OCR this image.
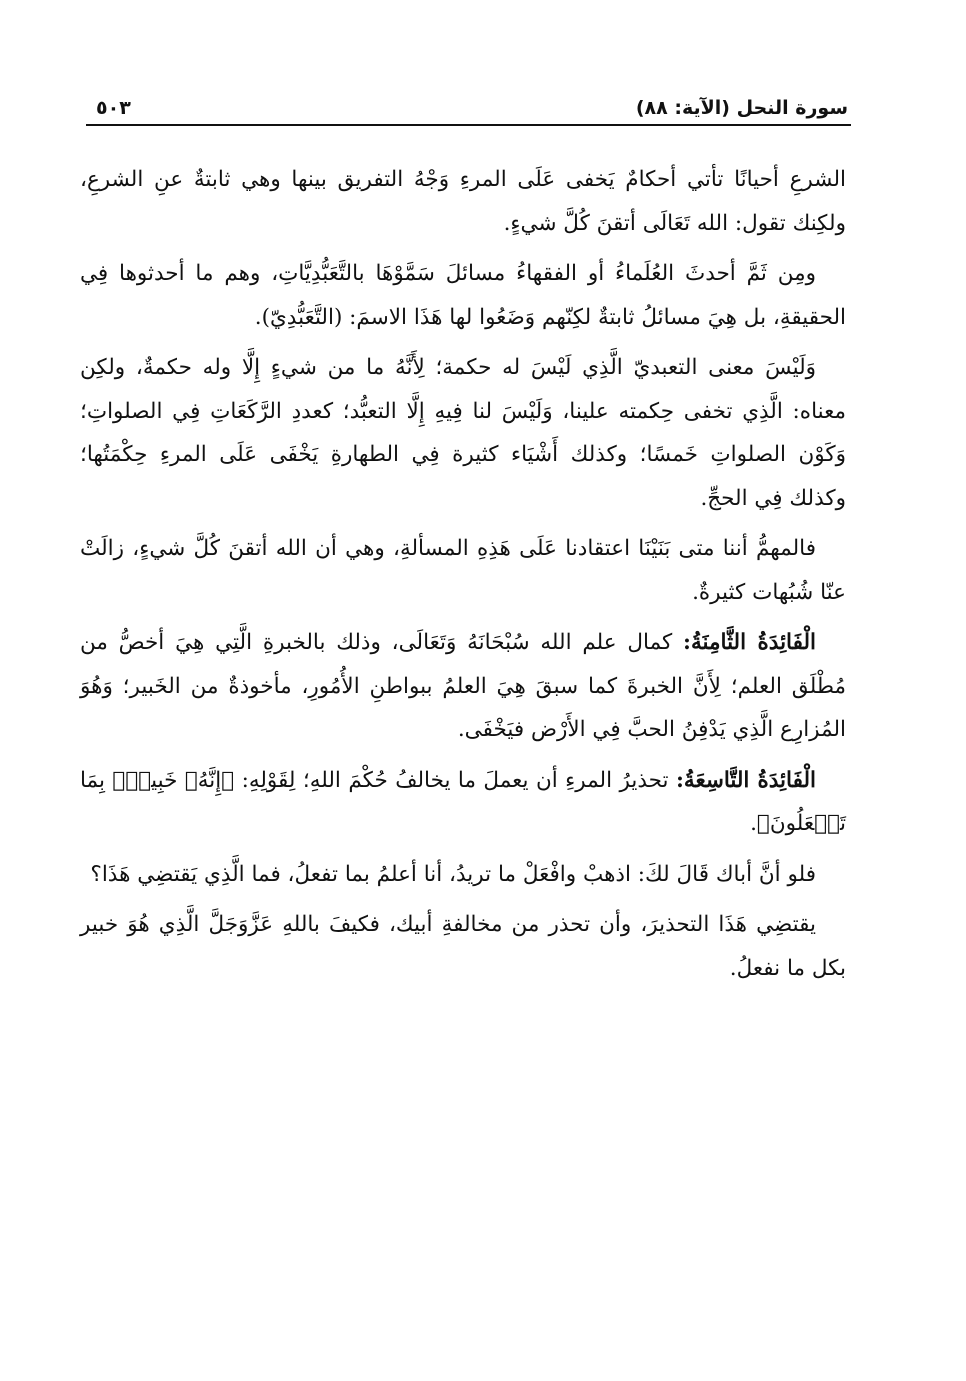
سورة النحل (الآية: ٨٨)
٥٠٣

الشرعِ أحيانًا تأتي أحكامٌ يَخفى عَلَى المرءِ وَجْهُ التفريق بينها وهي ثابتةٌ عنِ الشرعِ، ولكِنك تقول: الله تَعَالَى أتقنَ كُلَّ شيءٍ.

ومِن ثَمَّ أحدثَ العُلَماءُ أو الفقهاءُ مسائلَ سَمَّوْهَا بالتَّعَبُّدِيَّاتِ، وهم ما أحدثوها فِي الحقيقةِ، بل هِيَ مسائلُ ثابتةٌ لكِنّهم وَضَعُوا لها هَذَا الاسمَ: (التَّعَبُّدِيّ).

وَلَيْسَ معنى التعبديّ الَّذِي لَيْسَ له حكمة؛ لِأَنَّهُ ما من شيءٍ إِلَّا وله حكمةٌ، ولكِن معناه: الَّذِي تخفى حِكمته علينا، وَلَيْسَ لنا فِيهِ إِلَّا التعبُّد؛ كعددِ الرَّكَعَاتِ فِي الصلواتِ؛ وَكَوْن الصلواتِ خَمسًا؛ وكذلك أَشْيَاء كثيرة فِي الطهارةِ يَخْفَى عَلَى المرءِ حِكْمَتُها؛ وكذلك فِي الحجِّ.

فالمهمُّ أننا متى بَنَيْنَا اعتقادنا عَلَى هَذِهِ المسألةِ، وهي أن الله أتقنَ كُلَّ شيءٍ، زالَتْ عنّا شُبُهات كثيرةٌ.

الْفَائِدَةُ الثَّامِنَةُ: كمال علم الله سُبْحَانَهُ وَتَعَالَى، وذلك بالخبرةِ الَّتِي هِيَ أخصُّ من مُطْلَق العلم؛ لِأَنَّ الخبرةَ كما سبقَ هِيَ العلمُ ببواطنِ الأُمُورِ، مأخوذةٌ من الخَبير؛ وَهُوَ المُزارِع الَّذِي يَدْفِنُ الحبَّ فِي الأَرْض فيَخْفَى.

الْفَائِدَةُ التَّاسِعَةُ: تحذيرُ المرءِ أن يعملَ ما يخالفُ حُكْمَ اللهِ؛ لِقَوْلِهِ: ﴿إِنَّهُۥ خَبِيرُۢ بِمَا تَفۡعَلُونَ﴾.

فلو أنَّ أباك قَالَ لكَ: اذهبْ وافْعَلْ ما تريدُ، أنا أعلمُ بما تفعلُ، فما الَّذِي يَقتضِي هَذَا؟

يقتضِي هَذَا التحذيرَ، وأن تحذر من مخالفةِ أبيك، فكيفَ باللهِ عَزَّوَجَلَّ الَّذِي هُوَ خبير بكل ما نفعلُ.
